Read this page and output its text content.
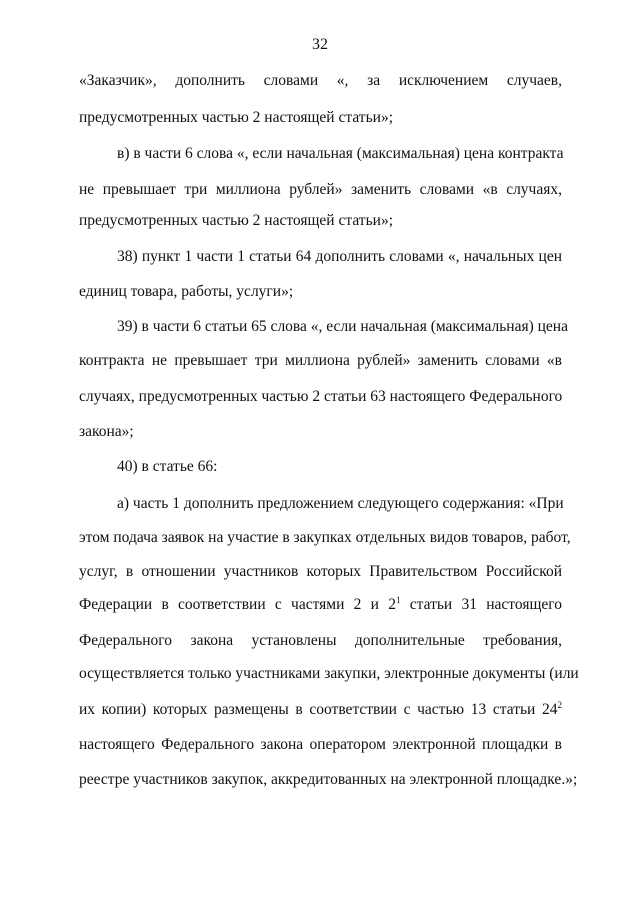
32
«Заказчик», дополнить словами «, за исключением случаев,
предусмотренных частью 2 настоящей статьи»;
в) в части 6 слова «, если начальная (максимальная) цена контракта
не превышает три миллиона рублей» заменить словами «в случаях,
предусмотренных частью 2 настоящей статьи»;
38) пункт 1 части 1 статьи 64 дополнить словами «, начальных цен
единиц товара, работы, услуги»;
39) в части 6 статьи 65 слова «, если начальная (максимальная) цена
контракта не превышает три миллиона рублей» заменить словами «в
случаях, предусмотренных частью 2 статьи 63 настоящего Федерального
закона»;
40) в статье 66:
а) часть 1 дополнить предложением следующего содержания: «При
этом подача заявок на участие в закупках отдельных видов товаров, работ,
услуг, в отношении участников которых Правительством Российской
Федерации в соответствии с частями 2 и $2^1$ статьи 31 настоящего
Федерального закона установлены дополнительные требования,
осуществляется только участниками закупки, электронные документы (или
их копии) которых размещены в соответствии с частью 13 статьи $24^2$
настоящего Федерального закона оператором электронной площадки в
реестре участников закупок, аккредитованных на электронной площадке.»;
